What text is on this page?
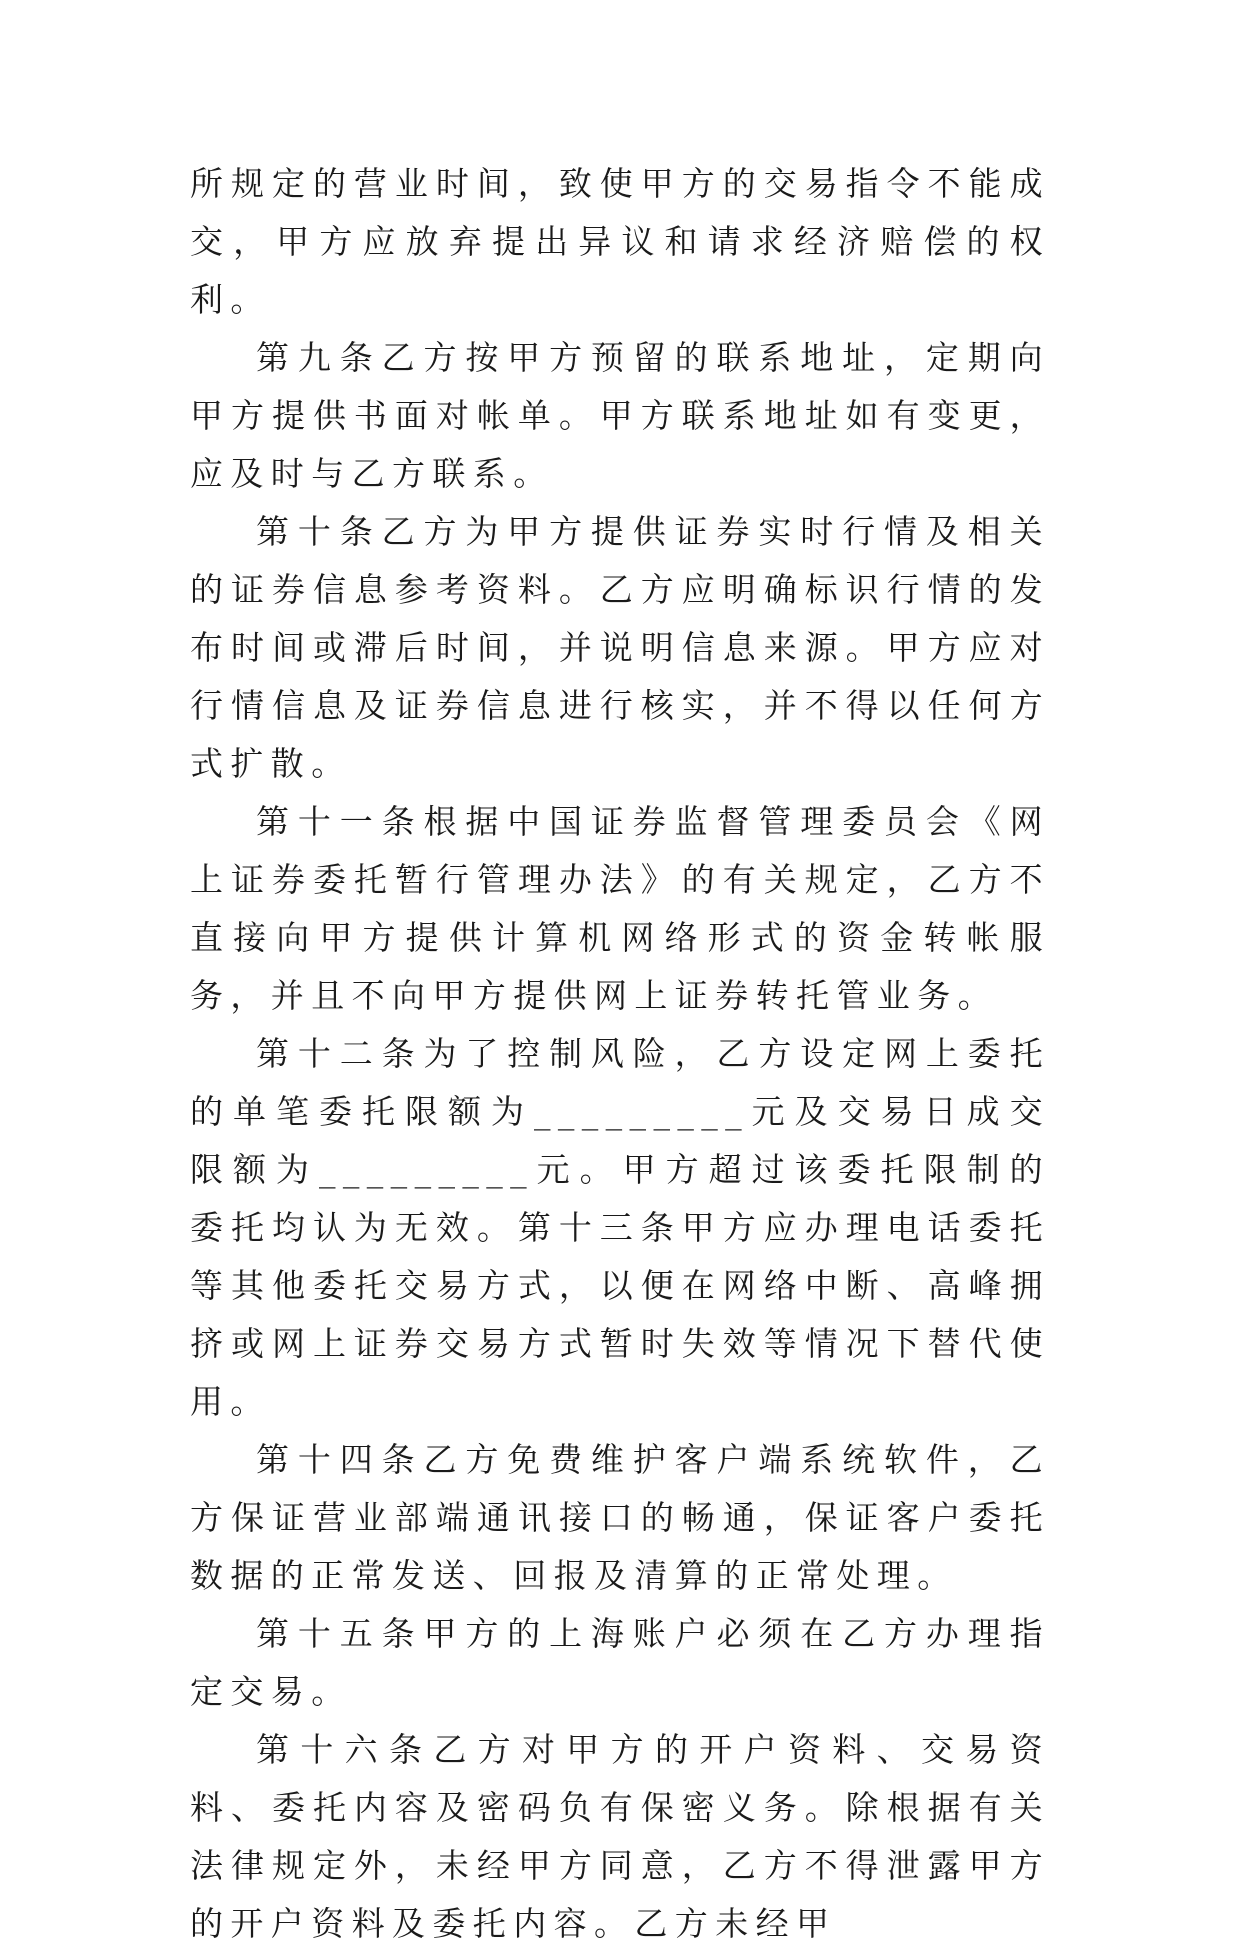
所规定的营业时间，致使甲方的交易指令不能成交，甲方应放弃提出异议和请求经济赔偿的权利。

第九条乙方按甲方预留的联系地址，定期向甲方提供书面对帐单。甲方联系地址如有变更，应及时与乙方联系。

第十条乙方为甲方提供证券实时行情及相关的证券信息参考资料。乙方应明确标识行情的发布时间或滞后时间，并说明信息来源。甲方应对行情信息及证券信息进行核实，并不得以任何方式扩散。

第十一条根据中国证券监督管理委员会《网上证券委托暂行管理办法》的有关规定，乙方不直接向甲方提供计算机网络形式的资金转帐服务，并且不向甲方提供网上证券转托管业务。

第十二条为了控制风险，乙方设定网上委托的单笔委托限额为_________元及交易日成交限额为_________元。甲方超过该委托限制的委托均认为无效。第十三条甲方应办理电话委托等其他委托交易方式，以便在网络中断、高峰拥挤或网上证券交易方式暂时失效等情况下替代使用。

第十四条乙方免费维护客户端系统软件，乙方保证营业部端通讯接口的畅通，保证客户委托数据的正常发送、回报及清算的正常处理。

第十五条甲方的上海账户必须在乙方办理指定交易。

第十六条乙方对甲方的开户资料、交易资料、委托内容及密码负有保密义务。除根据有关法律规定外，未经甲方同意，乙方不得泄露甲方的开户资料及委托内容。乙方未经甲
